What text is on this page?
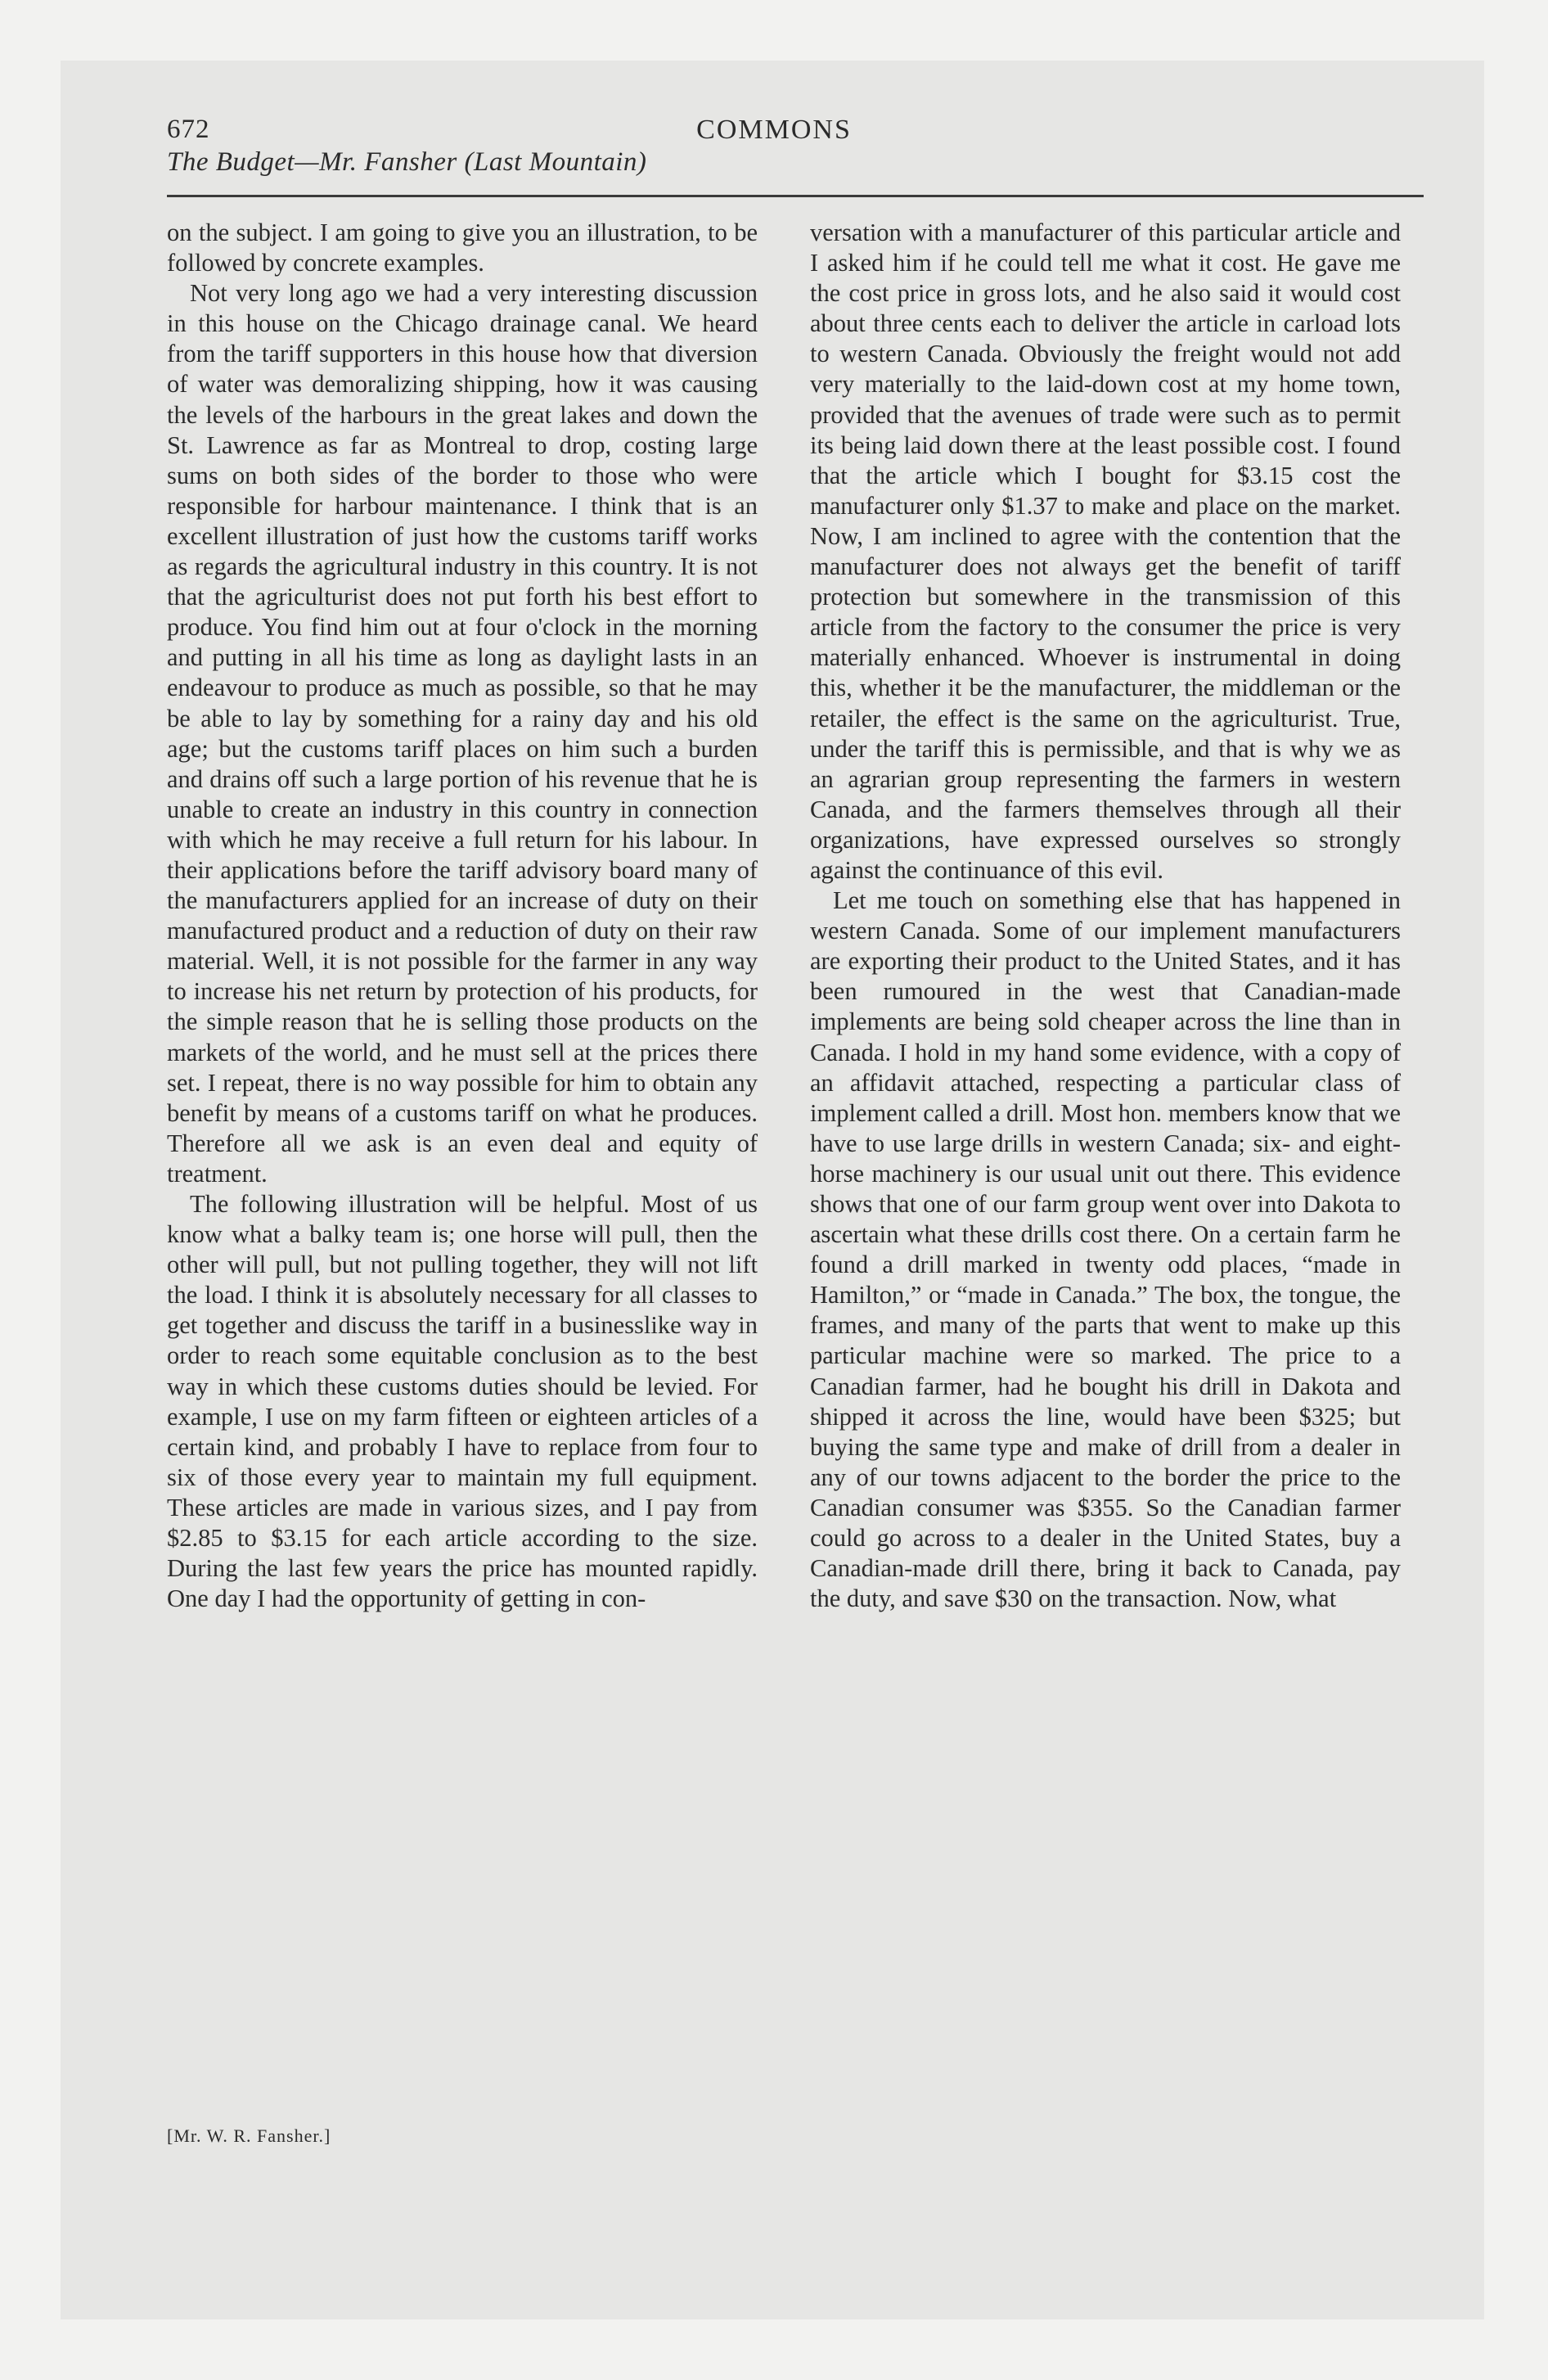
672	COMMONS
The Budget—Mr. Fansher (Last Mountain)

on the subject. I am going to give you an illustration, to be followed by concrete examples.

Not very long ago we had a very interesting discussion in this house on the Chicago drainage canal. We heard from the tariff supporters in this house how that diversion of water was demoralizing shipping, how it was causing the levels of the harbours in the great lakes and down the St. Lawrence as far as Montreal to drop, costing large sums on both sides of the border to those who were responsible for harbour maintenance. I think that is an excellent illustration of just how the customs tariff works as regards the agricultural industry in this country. It is not that the agriculturist does not put forth his best effort to produce. You find him out at four o'clock in the morning and putting in all his time as long as daylight lasts in an endeavour to produce as much as possible, so that he may be able to lay by something for a rainy day and his old age; but the customs tariff places on him such a burden and drains off such a large portion of his revenue that he is unable to create an industry in this country in connection with which he may receive a full return for his labour. In their applications before the tariff advisory board many of the manufacturers applied for an increase of duty on their manufactured product and a reduction of duty on their raw material. Well, it is not possible for the farmer in any way to increase his net return by protection of his products, for the simple reason that he is selling those products on the markets of the world, and he must sell at the prices there set. I repeat, there is no way possible for him to obtain any benefit by means of a customs tariff on what he produces. Therefore all we ask is an even deal and equity of treatment.

The following illustration will be helpful. Most of us know what a balky team is; one horse will pull, then the other will pull, but not pulling together, they will not lift the load. I think it is absolutely necessary for all classes to get together and discuss the tariff in a businesslike way in order to reach some equitable conclusion as to the best way in which these customs duties should be levied. For example, I use on my farm fifteen or eighteen articles of a certain kind, and probably I have to replace from four to six of those every year to maintain my full equipment. These articles are made in various sizes, and I pay from $2.85 to $3.15 for each article according to the size. During the last few years the price has mounted rapidly. One day I had the opportunity of getting in con-

versation with a manufacturer of this particular article and I asked him if he could tell me what it cost. He gave me the cost price in gross lots, and he also said it would cost about three cents each to deliver the article in carload lots to western Canada. Obviously the freight would not add very materially to the laid-down cost at my home town, provided that the avenues of trade were such as to permit its being laid down there at the least possible cost. I found that the article which I bought for $3.15 cost the manufacturer only $1.37 to make and place on the market. Now, I am inclined to agree with the contention that the manufacturer does not always get the benefit of tariff protection but somewhere in the transmission of this article from the factory to the consumer the price is very materially enhanced. Whoever is instrumental in doing this, whether it be the manufacturer, the middleman or the retailer, the effect is the same on the agriculturist. True, under the tariff this is permissible, and that is why we as an agrarian group representing the farmers in western Canada, and the farmers themselves through all their organizations, have expressed ourselves so strongly against the continuance of this evil.

Let me touch on something else that has happened in western Canada. Some of our implement manufacturers are exporting their product to the United States, and it has been rumoured in the west that Canadian-made implements are being sold cheaper across the line than in Canada. I hold in my hand some evidence, with a copy of an affidavit attached, respecting a particular class of implement called a drill. Most hon. members know that we have to use large drills in western Canada; six- and eight-horse machinery is our usual unit out there. This evidence shows that one of our farm group went over into Dakota to ascertain what these drills cost there. On a certain farm he found a drill marked in twenty odd places, “made in Hamilton,” or “made in Canada.” The box, the tongue, the frames, and many of the parts that went to make up this particular machine were so marked. The price to a Canadian farmer, had he bought his drill in Dakota and shipped it across the line, would have been $325; but buying the same type and make of drill from a dealer in any of our towns adjacent to the border the price to the Canadian consumer was $355. So the Canadian farmer could go across to a dealer in the United States, buy a Canadian-made drill there, bring it back to Canada, pay the duty, and save $30 on the transaction. Now, what

[Mr. W. R. Fansher.]
